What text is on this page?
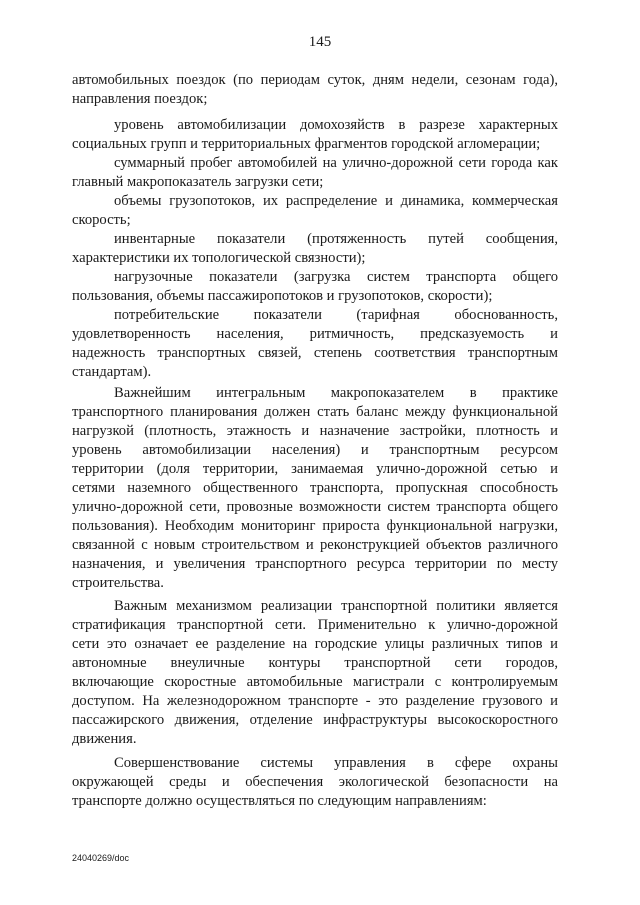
145
автомобильных поездок (по периодам суток, дням недели, сезонам года),
направления поездок;
уровень автомобилизации домохозяйств в разрезе характерных
социальных групп и территориальных фрагментов городской агломерации;
суммарный пробег автомобилей на улично-дорожной сети города как
главный макропоказатель загрузки сети;
объемы грузопотоков, их распределение и динамика, коммерческая
скорость;
инвентарные показатели (протяженность путей сообщения,
характеристики их топологической связности);
нагрузочные показатели (загрузка систем транспорта общего
пользования, объемы пассажиропотоков и грузопотоков, скорости);
потребительские показатели (тарифная обоснованность,
удовлетворенность населения, ритмичность, предсказуемость и
надежность транспортных связей, степень соответствия транспортным
стандартам).
Важнейшим интегральным макропоказателем в практике
транспортного планирования должен стать баланс между функциональной
нагрузкой (плотность, этажность и назначение застройки, плотность и
уровень автомобилизации населения) и транспортным ресурсом
территории (доля территории, занимаемая улично-дорожной сетью и
сетями наземного общественного транспорта, пропускная способность
улично-дорожной сети, провозные возможности систем транспорта общего
пользования). Необходим мониторинг прироста функциональной нагрузки,
связанной с новым строительством и реконструкцией объектов различного
назначения, и увеличения транспортного ресурса территории по месту
строительства.
Важным механизмом реализации транспортной политики является
стратификация транспортной сети. Применительно к улично-дорожной
сети это означает ее разделение на городские улицы различных типов и
автономные внеуличные контуры транспортной сети городов,
включающие скоростные автомобильные магистрали с контролируемым
доступом. На железнодорожном транспорте - это разделение грузового и
пассажирского движения, отделение инфраструктуры высокоскоростного
движения.
Совершенствование системы управления в сфере охраны
окружающей среды и обеспечения экологической безопасности на
транспорте должно осуществляться по следующим направлениям:
24040269/doc
